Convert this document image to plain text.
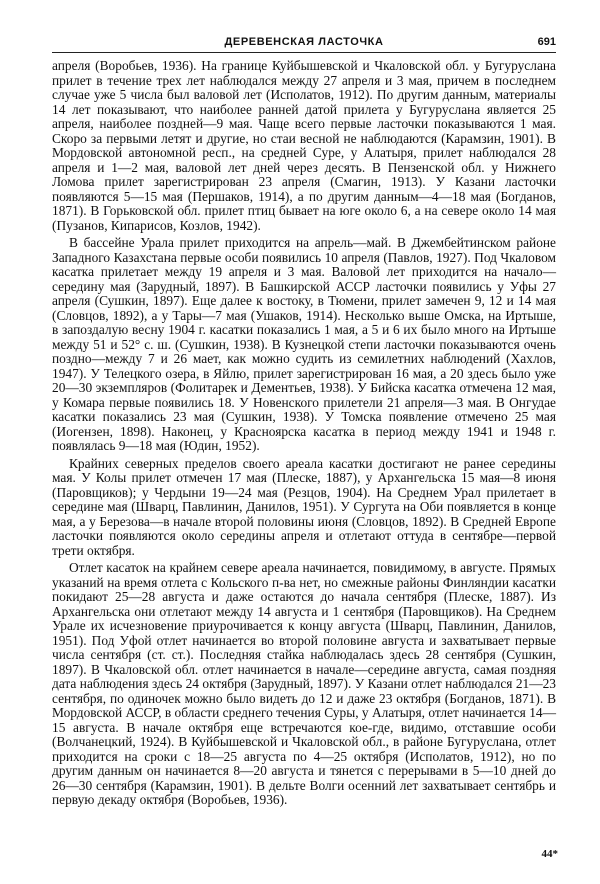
ДЕРЕВЕНСКАЯ ЛАСТОЧКА	691

апреля (Воробьев, 1936). На границе Куйбышевской и Чкаловской обл. у Бугуруслана прилет в течение трех лет наблюдался между 27 апреля и 3 мая, причем в последнем случае уже 5 числа был валовой лет (Исполатов, 1912). По другим данным, материалы 14 лет показывают, что наиболее ранней датой прилета у Бугуруслана является 25 апреля, наиболее поздней—9 мая. Чаще всего первые ласточки показываются 1 мая. Скоро за первыми летят и другие, но стаи весной не наблюдаются (Карамзин, 1901). В Мордовской автономной респ., на средней Суре, у Алатыря, прилет наблюдался 28 апреля и 1—2 мая, валовой лет дней через десять. В Пензенской обл. у Нижнего Ломова прилет зарегистрирован 23 апреля (Смагин, 1913). У Казани ласточки появляются 5—15 мая (Першаков, 1914), а по другим данным—4—18 мая (Богданов, 1871). В Горьковской обл. прилет птиц бывает на юге около 6, а на севере около 14 мая (Пузанов, Кипарисов, Козлов, 1942).

В бассейне Урала прилет приходится на апрель—май. В Джембейтинском районе Западного Казахстана первые особи появились 10 апреля (Павлов, 1927). Под Чкаловом касатка прилетает между 19 апреля и 3 мая. Валовой лет приходится на начало—середину мая (Зарудный, 1897). В Башкирской АССР ласточки появились у Уфы 27 апреля (Сушкин, 1897). Еще далее к востоку, в Тюмени, прилет замечен 9, 12 и 14 мая (Словцов, 1892), а у Тары—7 мая (Ушаков, 1914). Несколько выше Омска, на Иртыше, в запоздалую весну 1904 г. касатки показались 1 мая, а 5 и 6 их было много на Иртыше между 51 и 52° с. ш. (Сушкин, 1938). В Кузнецкой степи ласточки показываются очень поздно—между 7 и 26 мает, как можно судить из семилетних наблюдений (Хахлов, 1947). У Телецкого озера, в Яйлю, прилет зарегистрирован 16 мая, а 20 здесь было уже 20—30 экземпляров (Фолитарек и Дементьев, 1938). У Бийска касатка отмечена 12 мая, у Комара первые появились 18. У Новенского прилетели 21 апреля—3 мая. В Онгудае касатки показались 23 мая (Сушкин, 1938). У Томска появление отмечено 25 мая (Иогензен, 1898). Наконец, у Красноярска касатка в период между 1941 и 1948 г. появлялась 9—18 мая (Юдин, 1952).

Крайних северных пределов своего ареала касатки достигают не ранее середины мая. У Колы прилет отмечен 17 мая (Плеске, 1887), у Архангельска 15 мая—8 июня (Паровщиков); у Чердыни 19—24 мая (Резцов, 1904). На Среднем Урал прилетает в середине мая (Шварц, Павлинин, Данилов, 1951). У Сургута на Оби появляется в конце мая, а у Березова—в начале второй половины июня (Словцов, 1892). В Средней Европе ласточки появляются около середины апреля и отлетают оттуда в сентябре—первой трети октября.

Отлет касаток на крайнем севере ареала начинается, повидимому, в августе. Прямых указаний на время отлета с Кольского п-ва нет, но смежные районы Финляндии касатки покидают 25—28 августа и даже остаются до начала сентября (Плеске, 1887). Из Архангельска они отлетают между 14 августа и 1 сентября (Паровщиков). На Среднем Урале их исчезновение приурочивается к концу августа (Шварц, Павлинин, Данилов, 1951). Под Уфой отлет начинается во второй половине августа и захватывает первые числа сентября (ст. ст.). Последняя стайка наблюдалась здесь 28 сентября (Сушкин, 1897). В Чкаловской обл. отлет начинается в начале—середине августа, самая поздняя дата наблюдения здесь 24 октября (Зарудный, 1897). У Казани отлет наблюдался 21—23 сентября, по одиночек можно было видеть до 12 и даже 23 октября (Богданов, 1871). В Мордовской АССР, в области среднего течения Суры, у Алатыря, отлет начинается 14—15 августа. В начале октября еще встречаются кое-где, видимо, отставшие особи (Волчанецкий, 1924). В Куйбышевской и Чкаловской обл., в районе Бугуруслана, отлет приходится на сроки с 18—25 августа по 4—25 октября (Исполатов, 1912), но по другим данным он начинается 8—20 августа и тянется с перерывами в 5—10 дней до 26—30 сентября (Карамзин, 1901). В дельте Волги осенний лет захватывает сентябрь и первую декаду октября (Воробьев, 1936).

44*
